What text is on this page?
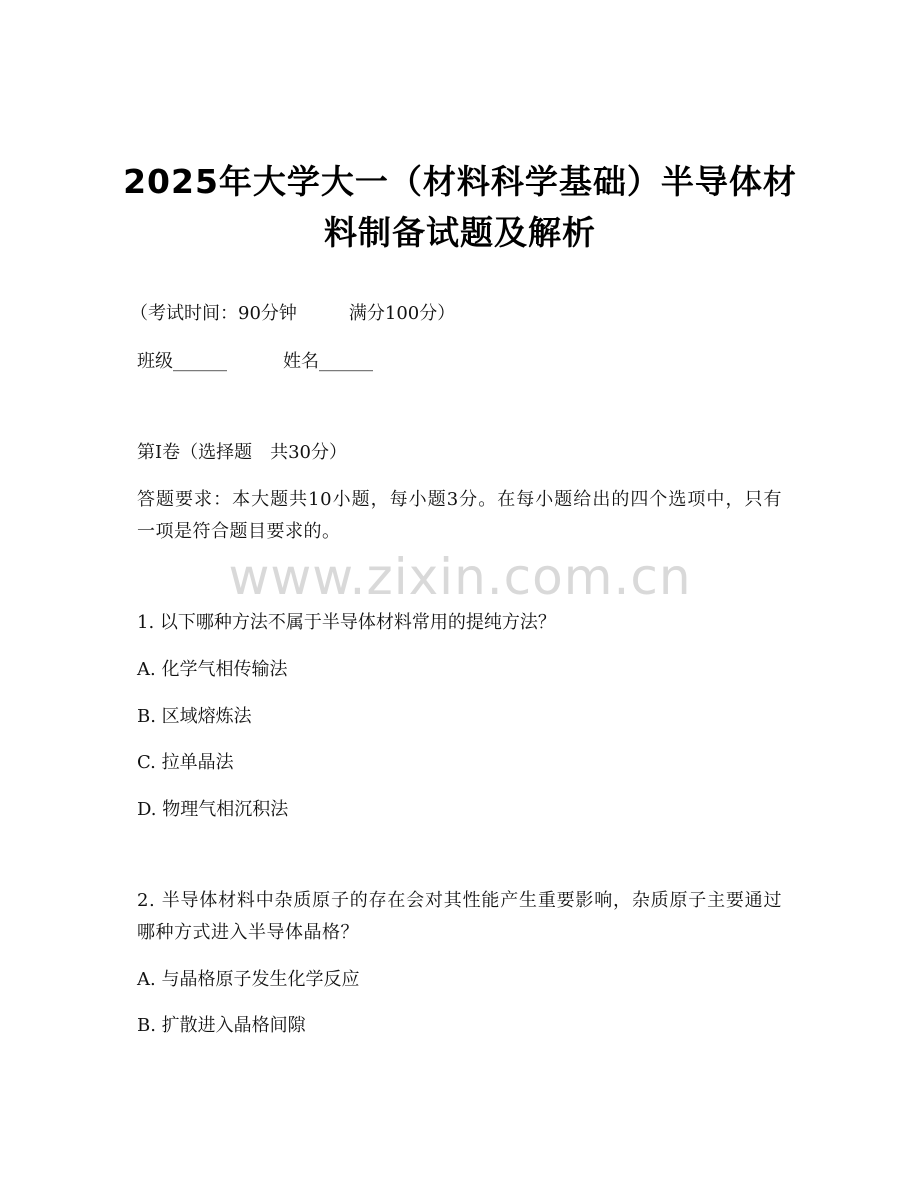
2025年大学大一（材料科学基础）半导体材
料制备试题及解析
（考试时间：90分钟	满分100分）
班级______	姓名______
第Ⅰ卷（选择题　共30分）
答题要求：本大题共10小题，每小题3分。在每小题给出的四个选项中，只有一项是符合题目要求的。
www.zixin.com.cn
1. 以下哪种方法不属于半导体材料常用的提纯方法？
A. 化学气相传输法
B. 区域熔炼法
C. 拉单晶法
D. 物理气相沉积法
2. 半导体材料中杂质原子的存在会对其性能产生重要影响，杂质原子主要通过哪种方式进入半导体晶格？
A. 与晶格原子发生化学反应
B. 扩散进入晶格间隙
